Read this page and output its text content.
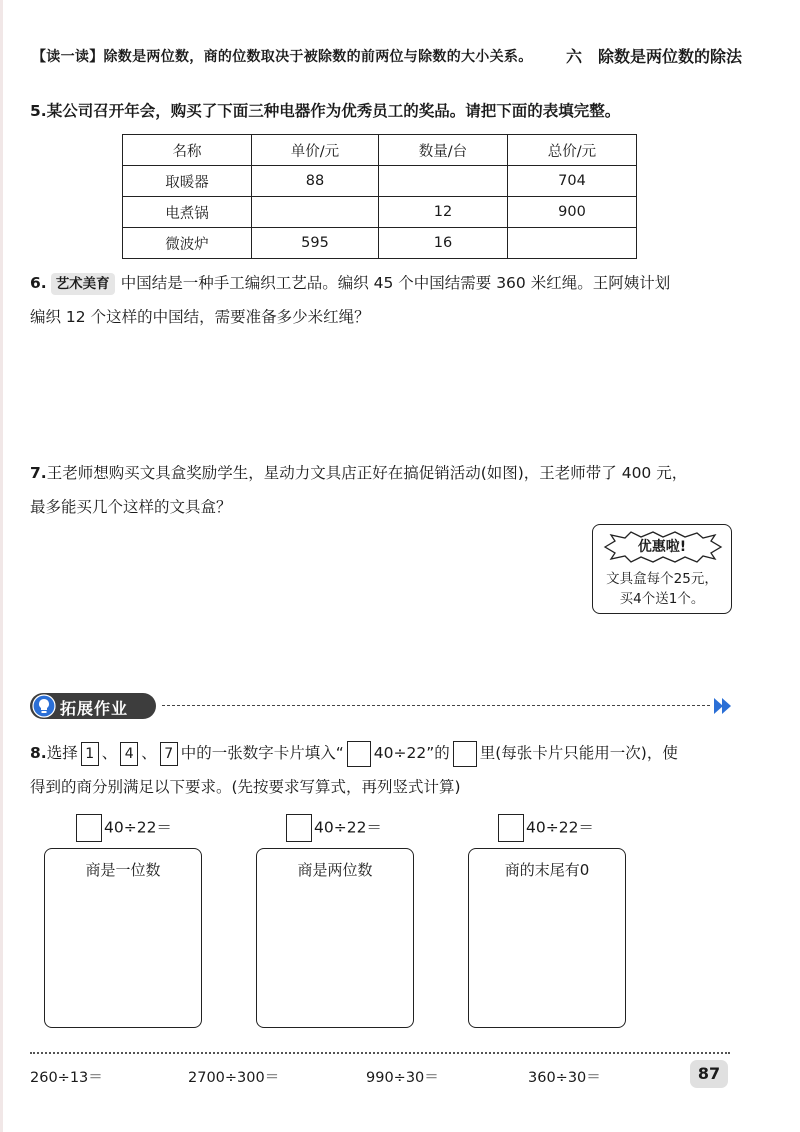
【读一读】除数是两位数，商的位数取决于被除数的前两位与除数的大小关系。 六　除数是两位数的除法
5.某公司召开年会，购买了下面三种电器作为优秀员工的奖品。请把下面的表填完整。
名称	单价/元	数量/台	总价/元
取暖器	88		704
电煮锅		12	900
微波炉	595	16	
6. 艺术美育 中国结是一种手工编织工艺品。编织 45 个中国结需要 360 米红绳。王阿姨计划
编织 12 个这样的中国结，需要准备多少米红绳？
7.王老师想购买文具盒奖励学生，星动力文具店正好在搞促销活动(如图)，王老师带了 400 元，
最多能买几个这样的文具盒？
优惠啦!
文具盒每个25元，
买4个送1个。
拓展作业
8.选择 1 、 4 、 7 中的一张数字卡片填入“ 40÷22”的 里(每张卡片只能用一次)，使
得到的商分别满足以下要求。(先按要求写算式，再列竖式计算)
40÷22＝	40÷22＝	40÷22＝
商是一位数	商是两位数	商的末尾有0
260÷13＝	2700÷300＝	990÷30＝	360÷30＝	87
